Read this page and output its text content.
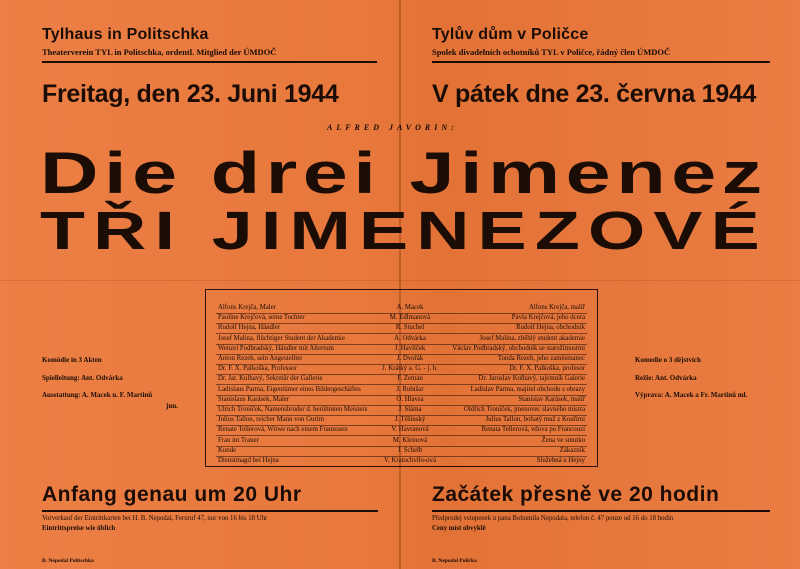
Tylhaus in Politschka
Theaterverein TYL in Politschka, ordentl. Mitglied der ÚMDOČ
Tylův dům v Poličce
Spolek divadelních ochotníků TYL v Poličce, řádný člen ÚMDOČ
Freitag, den 23. Juni 1944	V pátek dne 23. června 1944
ALFRED JAVORIN:
Die drei Jimenez
TŘI JIMENEZOVÉ
Komödie in 3 Akten
Spielleitung: Ant. Odvárka
Ausstattung: A. Macek u. F. Martinů
jun.
Komedie o 3 dějstvích
Režie: Ant. Odvárka
Výprava: A. Macek a Fr. Martinů ml.
Alfons Krejča, Maler	A. Macek	Alfons Krejča, malíř
Pauline Krejčová, seine Tochter	M. Edlmanová	Pavla Krejčová, jeho dcera
Rudolf Hejna, Händler	R. Stuchel	Rudolf Hejna, obchodník
Josef Malina, flüchtiger Student der Akademie	A. Odvárka	Josef Malina, zběhlý student akademie
Wenzel Podbradský, Händler mit Altertum	J. Havlíček	Václav Podbradský, obchodník se starožitnostmi
Anton Rezeh, sein Angestellter	J. Dvořák	Tonda Rezeh, jeho zaměstnanec
Dr. F. X. Palkoška, Professor	J. Krátký a. G. - j. h.	Dr. F. X. Palkoška, profesor
Dr. Jar. Kulhavý, Sekretär der Gallerie	F. Zeman	Dr. Jaroslav Kulhavý, tajemník Galerie
Ladislaus Parma, Eigentümer eines Bildergeschäftes	J. Rubišar	Ladislav Parma, majitel obchodu s obrazy
Stanislaus Karásek, Maler	O. Hlavsa	Stanislav Karásek, malíř
Ulrich Troníček, Namensbruder d. berühmten Meisters	J. Sláma	Oldřich Troníček, jmenovec slavného mistra
Julius Tallon, reicher Mann von Gurim	J. Těšínský	Julius Tallon, bohatý muž z Kouřimi
Renate Tellerová, Witwe nach einem Franzosen	V. Havranová	Renata Tellerová, vdova po Francouzi
Frau im Trauer	M. Kleinová	Žena ve smutku
Kunde	J. Schelb	Zákazník
Dienstmagd bei Hejna	V. Kratochvílo-ová	Služebná u Hejny
Anfang genau um 20 Uhr	Začátek přesně ve 20 hodin
Vorverkauf der Eintrittkarten bei H. B. Nepodal, Fernruf 47, nur von 16 bis 18 Uhr
Eintrittspreise wie üblich
Předprodej vstupenek u pana Bohumila Nepodala, telefon č. 47 pouze od 16 do 18 hodin
Ceny míst obvyklé
B. Nepodal Politschka	B. Nepodal Polička
